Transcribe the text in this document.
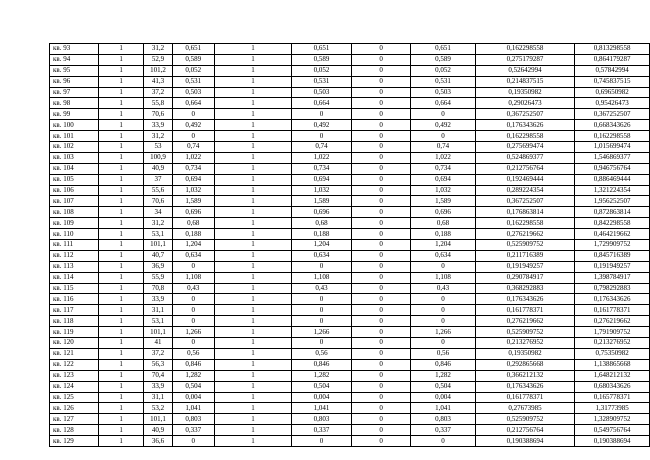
кв. 93	1	31,2	0,651	1	0,651	0	0,651	0,162298558	0,813298558
кв. 94	1	52,9	0,589	1	0,589	0	0,589	0,275179287	0,864179287
кв. 95	1	101,2	0,052	1	0,052	0	0,052	0,52642994	0,57842994
кв. 96	1	41,3	0,531	1	0,531	0	0,531	0,214837515	0,745837515
кв. 97	1	37,2	0,503	1	0,503	0	0,503	0,19350982	0,69650982
кв. 98	1	55,8	0,664	1	0,664	0	0,664	0,29026473	0,95426473
кв. 99	1	70,6	0	1	0	0	0	0,367252507	0,367252507
кв. 100	1	33,9	0,492	1	0,492	0	0,492	0,176343626	0,668343626
кв. 101	1	31,2	0	1	0	0	0	0,162298558	0,162298558
кв. 102	1	53	0,74	1	0,74	0	0,74	0,275699474	1,015699474
кв. 103	1	100,9	1,022	1	1,022	0	1,022	0,524869377	1,546869377
кв. 104	1	40,9	0,734	1	0,734	0	0,734	0,212756764	0,946756764
кв. 105	1	37	0,694	1	0,694	0	0,694	0,192469444	0,886469444
кв. 106	1	55,6	1,032	1	1,032	0	1,032	0,289224354	1,321224354
кв. 107	1	70,6	1,589	1	1,589	0	1,589	0,367252507	1,956252507
кв. 108	1	34	0,696	1	0,696	0	0,696	0,176863814	0,872863814
кв. 109	1	31,2	0,68	1	0,68	0	0,68	0,162298558	0,842298558
кв. 110	1	53,1	0,188	1	0,188	0	0,188	0,276219662	0,464219662
кв. 111	1	101,1	1,204	1	1,204	0	1,204	0,525909752	1,729909752
кв. 112	1	40,7	0,634	1	0,634	0	0,634	0,211716389	0,845716389
кв. 113	1	36,9	0	1	0	0	0	0,191949257	0,191949257
кв. 114	1	55,9	1,108	1	1,108	0	1,108	0,290784917	1,398784917
кв. 115	1	70,8	0,43	1	0,43	0	0,43	0,368292883	0,798292883
кв. 116	1	33,9	0	1	0	0	0	0,176343626	0,176343626
кв. 117	1	31,1	0	1	0	0	0	0,161778371	0,161778371
кв. 118	1	53,1	0	1	0	0	0	0,276219662	0,276219662
кв. 119	1	101,1	1,266	1	1,266	0	1,266	0,525909752	1,791909752
кв. 120	1	41	0	1	0	0	0	0,213276952	0,213276952
кв. 121	1	37,2	0,56	1	0,56	0	0,56	0,19350982	0,75350982
кв. 122	1	56,3	0,846	1	0,846	0	0,846	0,292865668	1,138865668
кв. 123	1	70,4	1,282	1	1,282	0	1,282	0,366212132	1,648212132
кв. 124	1	33,9	0,504	1	0,504	0	0,504	0,176343626	0,680343626
кв. 125	1	31,1	0,004	1	0,004	0	0,004	0,161778371	0,165778371
кв. 126	1	53,2	1,041	1	1,041	0	1,041	0,27673985	1,31773985
кв. 127	1	101,1	0,803	1	0,803	0	0,803	0,525909752	1,328909752
кв. 128	1	40,9	0,337	1	0,337	0	0,337	0,212756764	0,549756764
кв. 129	1	36,6	0	1	0	0	0	0,190388694	0,190388694
